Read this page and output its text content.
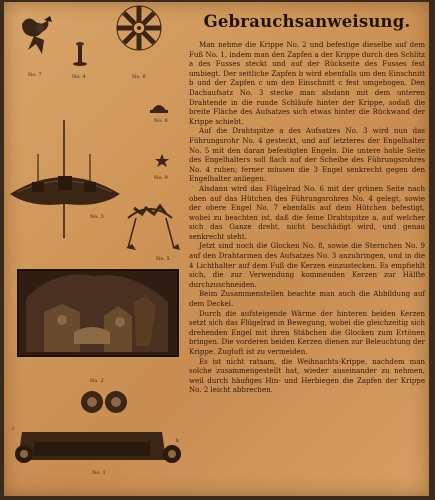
No. 7	No. 4	No. 6
No. 8
No. 9
No. 3
No. 5
No. 2
b
c
No. 1
Gebrauchsanweisung.

Man nehme die Krippe No. 2 und befestige dieselbe auf dem Fuß No. 1, indem man den Zapfen a der Krippe durch den Schlitz a des Fusses steckt und auf der Rückseite des Fusses fest umbiegt. Der seitliche Zapfen b wird ebenfalls um den Einschnitt b und der Zapfen c um den Einschnitt c fest umgebogen. Den Dachaufsatz No. 3 stecke man alsdann mit dem unteren Drahtende in die runde Schläufe hinter der Krippe, sodaß die breite Fläche des Aufsatzes sich etwas hinter die Rückwand der Krippe schiebt.

Auf die Drahtspitze a des Aufsatzes No. 3 wird nun das Führungsrohr No. 4 gesteckt, und auf letzteres der Engelhalter No. 5 mit den daran befestigten Engeln. Die untere hohle Seite des Engelhalters soll flach auf der Scheibe des Führungsrohres No. 4 ruhen; ferner müssen die 3 Engel senkrecht gegen den Engelhalter anliegen.

Alsdann wird das Flügelrad No. 6 mit der grünen Seite nach oben auf das Hütchen des Führungsrohres No. 4 gelegt, sowie der obere Engel No. 7 ebenfalls auf dem Hütchen befestigt, wobei zu beachten ist, daß die feine Drahtspitze a, auf welcher sich das Ganze dreht, nicht beschädigt wird, und genau senkrecht steht.

Jetzt sind noch die Glocken No. 8, sowie die Sternchen No. 9 auf den Drahtarmen des Aufsatzes No. 3 anzubringen, und in die 4 Lichthalter auf dem Fuß die Kerzen einzustecken. Es empfiehlt sich, die zur Verwendung kommenden Kerzen zur Hälfte durchzuschneiden.

Beim Zusammenstellen beachte man auch die Abbildung auf dem Deckel.

Durch die aufsteigende Wärme der hinteren beiden Kerzen setzt sich das Flügelrad in Bewegung, wobei die gleichzeitig sich drehenden Engel mit ihren Stäbchen die Glocken zum Ertönen bringen. Die vorderen beiden Kerzen dienen zur Beleuchtung der Krippe. Zugluft ist zu vermeiden.

Es ist nicht ratsam, die Weihnachts-Krippe, nachdem man solche zusammengestellt hat, wieder auseinander zu nehmen, weil durch häufiges Hin- und Herbiegen die Zapfen der Krippe No. 2 leicht abbrechen.
